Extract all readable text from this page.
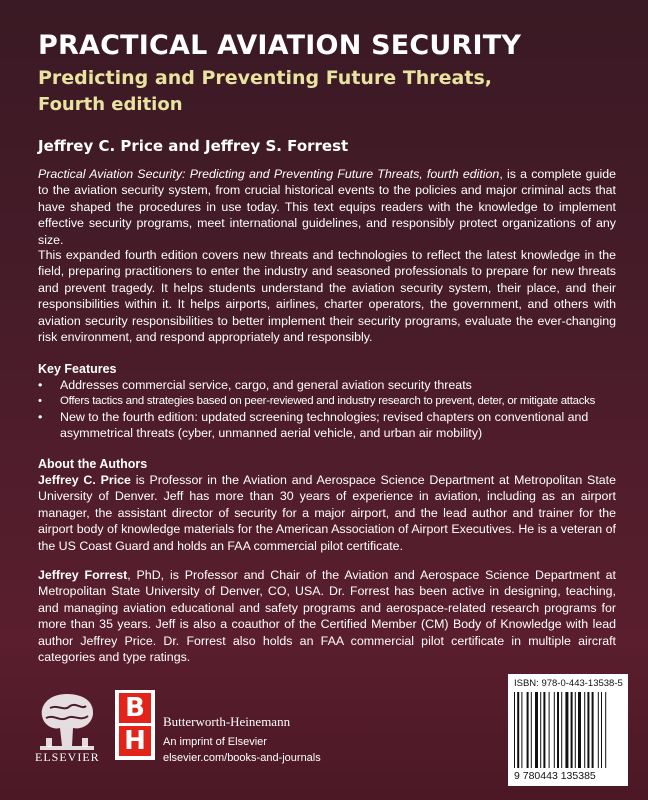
PRACTICAL AVIATION SECURITY
Predicting and Preventing Future Threats,
Fourth edition
Jeffrey C. Price and Jeffrey S. Forrest
Practical Aviation Security: Predicting and Preventing Future Threats, fourth edition, is a complete guide to the aviation security system, from crucial historical events to the policies and major criminal acts that have shaped the procedures in use today. This text equips readers with the knowledge to implement effective security programs, meet international guidelines, and responsibly protect organizations of any size.
This expanded fourth edition covers new threats and technologies to reflect the latest knowledge in the field, preparing practitioners to enter the industry and seasoned professionals to prepare for new threats and prevent tragedy. It helps students understand the aviation security system, their place, and their responsibilities within it. It helps airports, airlines, charter operators, the government, and others with aviation security responsibilities to better implement their security programs, evaluate the ever-changing risk environment, and respond appropriately and responsibly.
Key Features
• Addresses commercial service, cargo, and general aviation security threats
• Offers tactics and strategies based on peer-reviewed and industry research to prevent, deter, or mitigate attacks
• New to the fourth edition: updated screening technologies; revised chapters on conventional and asymmetrical threats (cyber, unmanned aerial vehicle, and urban air mobility)
About the Authors
Jeffrey C. Price is Professor in the Aviation and Aerospace Science Department at Metropolitan State University of Denver. Jeff has more than 30 years of experience in aviation, including as an airport manager, the assistant director of security for a major airport, and the lead author and trainer for the airport body of knowledge materials for the American Association of Airport Executives. He is a veteran of the US Coast Guard and holds an FAA commercial pilot certificate.
Jeffrey Forrest, PhD, is Professor and Chair of the Aviation and Aerospace Science Department at Metropolitan State University of Denver, CO, USA. Dr. Forrest has been active in designing, teaching, and managing aviation educational and safety programs and aerospace-related research programs for more than 35 years. Jeff is also a coauthor of the Certified Member (CM) Body of Knowledge with lead author Jeffrey Price. Dr. Forrest also holds an FAA commercial pilot certificate in multiple aircraft categories and type ratings.
ELSEVIER
B
H
Butterworth-Heinemann
An imprint of Elsevier
elsevier.com/books-and-journals
ISBN: 978-0-443-13538-5
9 780443 135385
